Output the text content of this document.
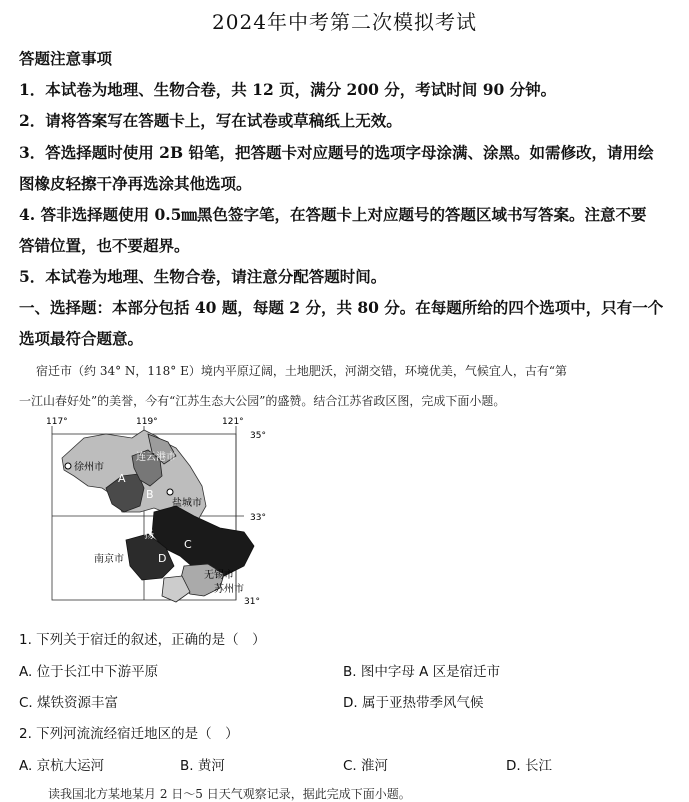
2024年中考第二次模拟考试
答题注意事项
1．本试卷为地理、生物合卷，共 12 页，满分 200 分，考试时间 90 分钟。
2．请将答案写在答题卡上，写在试卷或草稿纸上无效。
3．答选择题时使用 2B 铅笔，把答题卡对应题号的选项字母涂满、涂黑。如需修改，请用绘
图橡皮轻擦干净再选涂其他选项。
4. 答非选择题使用 0.5㎜黑色签字笔，在答题卡上对应题号的答题区域书写答案。注意不要
答错位置，也不要超界。
5．本试卷为地理、生物合卷，请注意分配答题时间。
一、选择题：本部分包括 40 题，每题 2 分，共 80 分。在每题所给的四个选项中，只有一个
选项最符合题意。
宿迁市（约 34° N，118° E）境内平原辽阔，土地肥沃，河湖交错，环境优美，气候宜人，古有“第
一江山春好处”的美誉，今有“江苏生态大公园”的盛赞。结合江苏省政区图，完成下面小题。
117°	119°	121°
35°
33°
31°
徐州市
连云港市
盐城市
南京市
扬
无锡市
苏州市
A
B
C
D
1. 下列关于宿迁的叙述，正确的是（　）
A. 位于长江中下游平原	B. 图中字母 A 区是宿迁市
C. 煤铁资源丰富	D. 属于亚热带季风气候
2. 下列河流流经宿迁地区的是（　）
A. 京杭大运河	B. 黄河	C. 淮河	D. 长江
读我国北方某地某月 2 日～5 日天气观察记录，据此完成下面小题。
